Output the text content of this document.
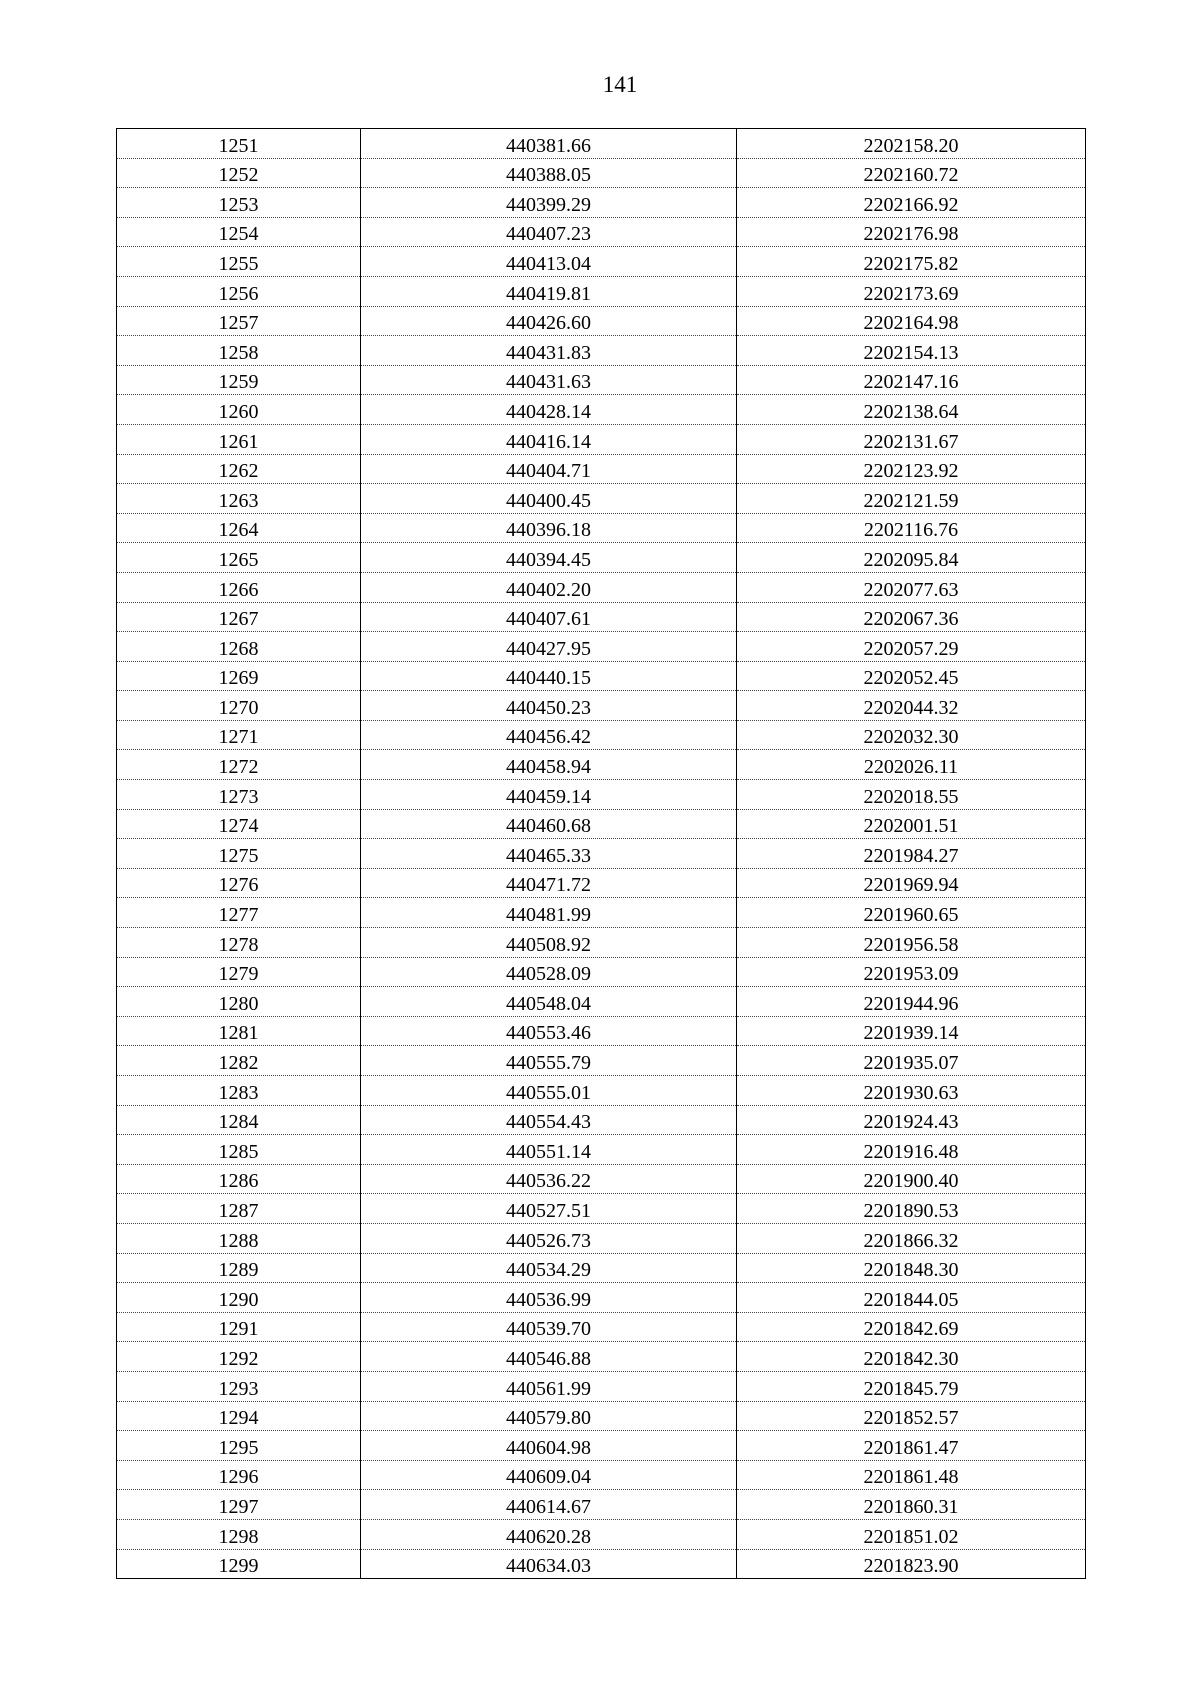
141
1251	440381.66	2202158.20
1252	440388.05	2202160.72
1253	440399.29	2202166.92
1254	440407.23	2202176.98
1255	440413.04	2202175.82
1256	440419.81	2202173.69
1257	440426.60	2202164.98
1258	440431.83	2202154.13
1259	440431.63	2202147.16
1260	440428.14	2202138.64
1261	440416.14	2202131.67
1262	440404.71	2202123.92
1263	440400.45	2202121.59
1264	440396.18	2202116.76
1265	440394.45	2202095.84
1266	440402.20	2202077.63
1267	440407.61	2202067.36
1268	440427.95	2202057.29
1269	440440.15	2202052.45
1270	440450.23	2202044.32
1271	440456.42	2202032.30
1272	440458.94	2202026.11
1273	440459.14	2202018.55
1274	440460.68	2202001.51
1275	440465.33	2201984.27
1276	440471.72	2201969.94
1277	440481.99	2201960.65
1278	440508.92	2201956.58
1279	440528.09	2201953.09
1280	440548.04	2201944.96
1281	440553.46	2201939.14
1282	440555.79	2201935.07
1283	440555.01	2201930.63
1284	440554.43	2201924.43
1285	440551.14	2201916.48
1286	440536.22	2201900.40
1287	440527.51	2201890.53
1288	440526.73	2201866.32
1289	440534.29	2201848.30
1290	440536.99	2201844.05
1291	440539.70	2201842.69
1292	440546.88	2201842.30
1293	440561.99	2201845.79
1294	440579.80	2201852.57
1295	440604.98	2201861.47
1296	440609.04	2201861.48
1297	440614.67	2201860.31
1298	440620.28	2201851.02
1299	440634.03	2201823.90
